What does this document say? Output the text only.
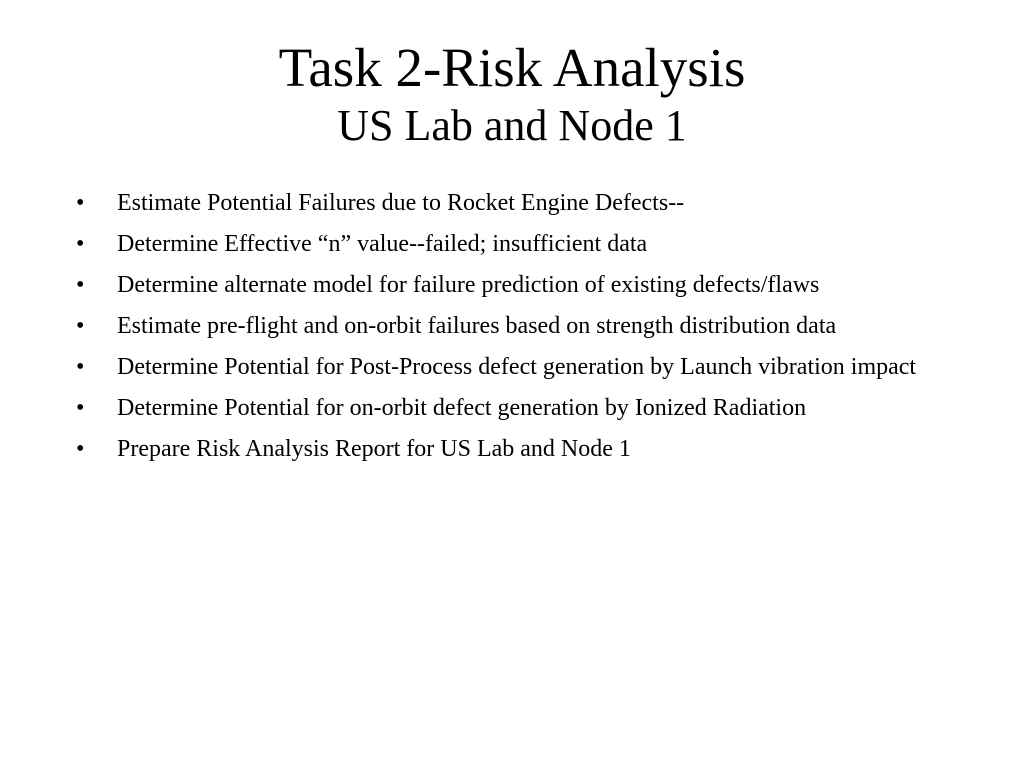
Task 2-Risk Analysis
US Lab and Node 1
•	Estimate Potential Failures due to Rocket Engine Defects--
•	Determine Effective “n” value--failed; insufficient data
•	Determine alternate model for failure prediction of existing defects/flaws
•	Estimate pre-flight and on-orbit failures based on strength distribution data
•	Determine Potential for Post-Process defect generation by Launch vibration impact
•	Determine Potential for on-orbit defect generation by Ionized Radiation
•	Prepare Risk Analysis Report for US Lab and Node 1
